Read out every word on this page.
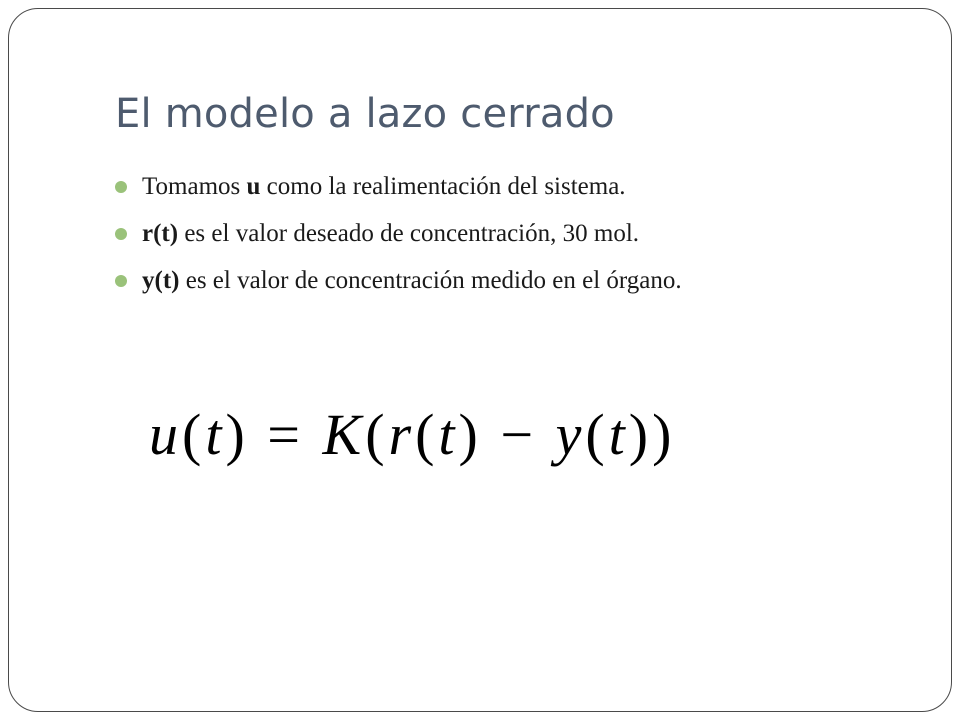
El modelo a lazo cerrado
Tomamos u como la realimentación del sistema.
r(t) es el valor deseado de concentración, 30 mol.
y(t) es el valor de concentración medido en el órgano.
u(t) = K(r(t) − y(t))
